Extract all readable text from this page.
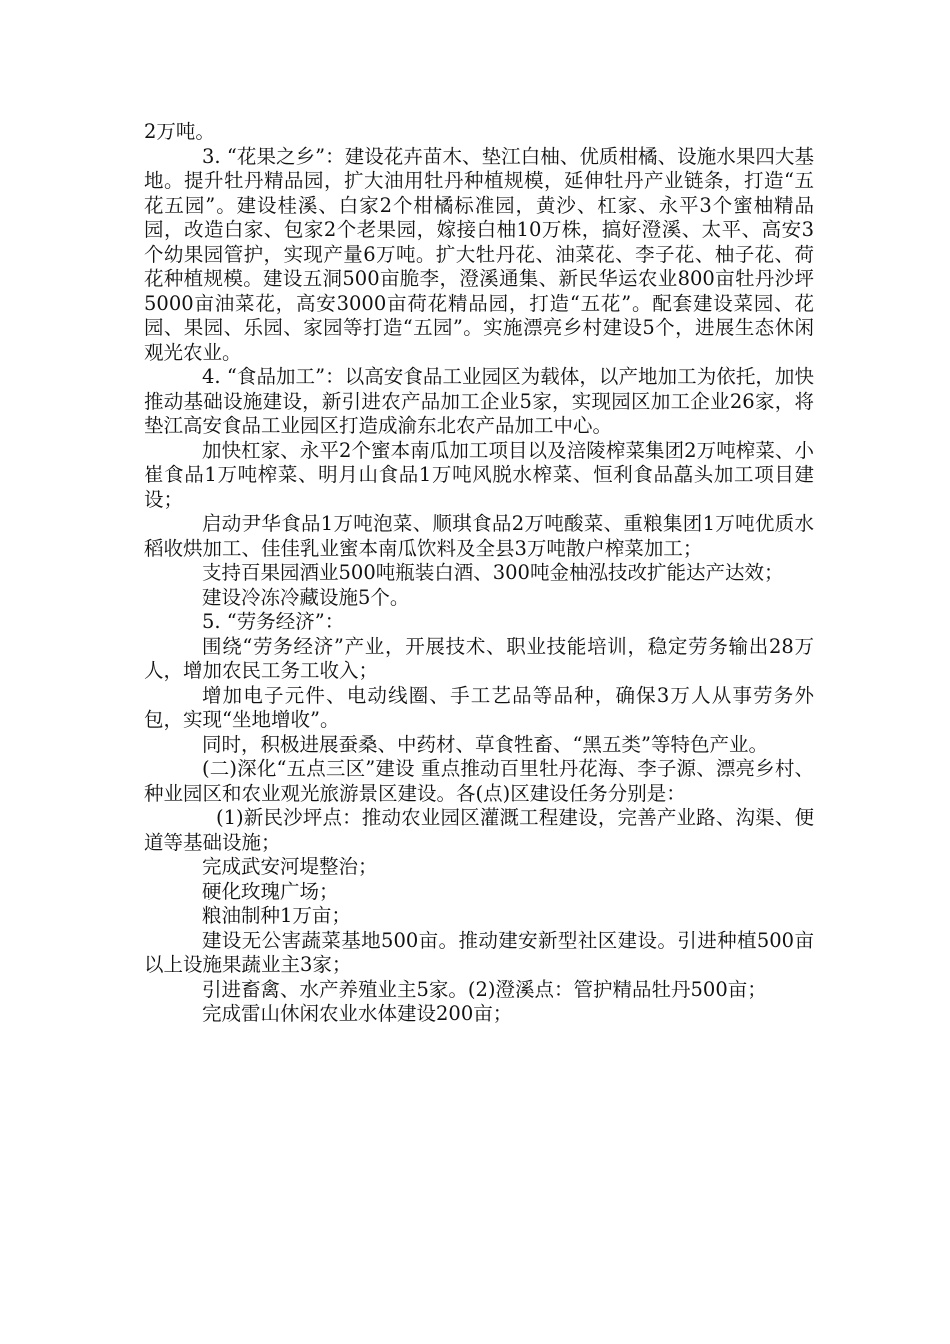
2万吨。

3. “花果之乡”：建设花卉苗木、垫江白柚、优质柑橘、设施水果四大基地。提升牡丹精品园，扩大油用牡丹种植规模，延伸牡丹产业链条，打造“五花五园”。建设桂溪、白家2个柑橘标准园，黄沙、杠家、永平3个蜜柚精品园，改造白家、包家2个老果园，嫁接白柚10万株，搞好澄溪、太平、高安3个幼果园管护，实现产量6万吨。扩大牡丹花、油菜花、李子花、柚子花、荷花种植规模。建设五洞500亩脆李，澄溪通集、新民华运农业800亩牡丹沙坪5000亩油菜花，高安3000亩荷花精品园，打造“五花”。配套建设菜园、花园、果园、乐园、家园等打造“五园”。实施漂亮乡村建设5个，进展生态休闲观光农业。

4. “食品加工”：以高安食品工业园区为载体，以产地加工为依托，加快推动基础设施建设，新引进农产品加工企业5家，实现园区加工企业26家，将垫江高安食品工业园区打造成渝东北农产品加工中心。

加快杠家、永平2个蜜本南瓜加工项目以及涪陵榨菜集团2万吨榨菜、小崔食品1万吨榨菜、明月山食品1万吨风脱水榨菜、恒利食品藠头加工项目建设；

启动尹华食品1万吨泡菜、顺琪食品2万吨酸菜、重粮集团1万吨优质水稻收烘加工、佳佳乳业蜜本南瓜饮料及全县3万吨散户榨菜加工；

支持百果园酒业500吨瓶装白酒、300吨金柚泓技改扩能达产达效；

建设冷冻冷藏设施5个。

5. “劳务经济”：

围绕“劳务经济”产业，开展技术、职业技能培训，稳定劳务输出28万人，增加农民工务工收入；

增加电子元件、电动线圈、手工艺品等品种，确保3万人从事劳务外包，实现“坐地增收”。

同时，积极进展蚕桑、中药材、草食牲畜、“黑五类”等特色产业。

(二)深化“五点三区”建设 重点推动百里牡丹花海、李子源、漂亮乡村、种业园区和农业观光旅游景区建设。各(点)区建设任务分别是：

(1)新民沙坪点：推动农业园区灌溉工程建设，完善产业路、沟渠、便道等基础设施；

完成武安河堤整治；

硬化玫瑰广场；

粮油制种1万亩；

建设无公害蔬菜基地500亩。推动建安新型社区建设。引进种植500亩以上设施果蔬业主3家；

引进畜禽、水产养殖业主5家。(2)澄溪点：管护精品牡丹500亩；

完成雷山休闲农业水体建设200亩；
